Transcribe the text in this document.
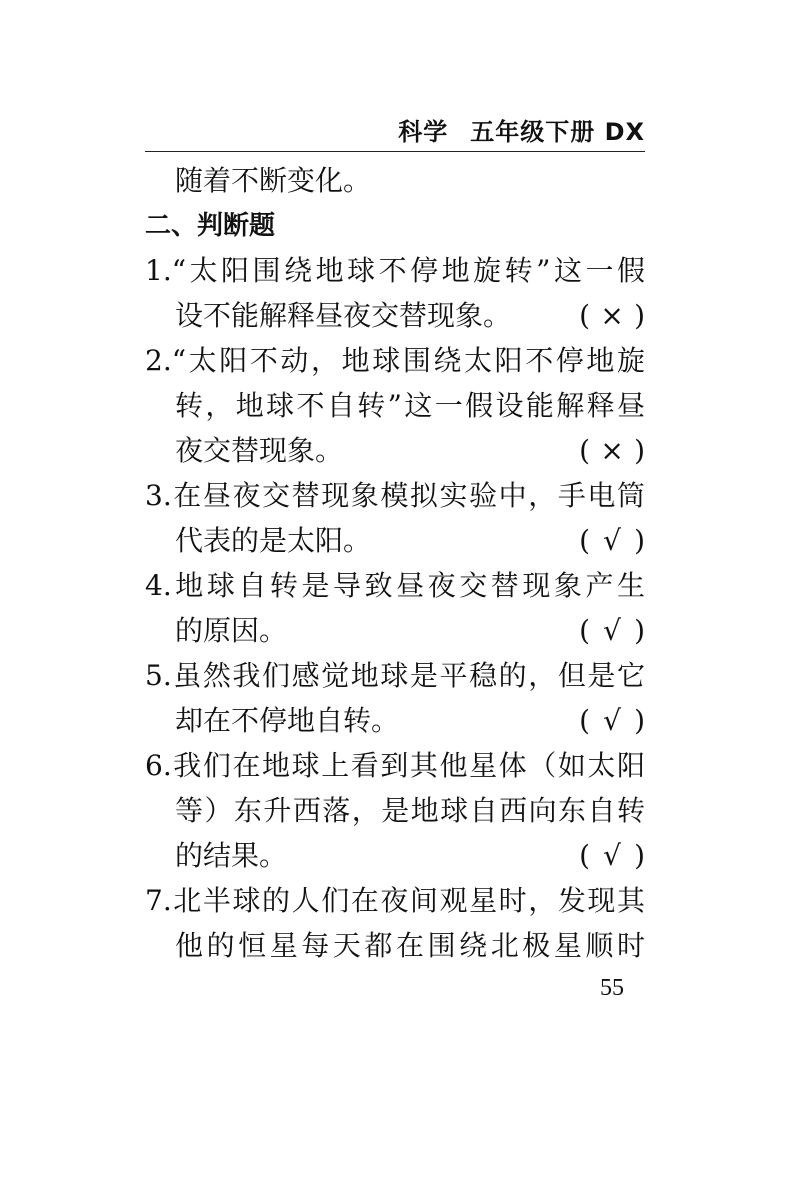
科学 五年级下册 DX
随着不断变化。
二、判断题
1.“太阳围绕地球不停地旋转”这一假
设不能解释昼夜交替现象。 ( × )
2.“太阳不动，地球围绕太阳不停地旋
转，地球不自转”这一假设能解释昼
夜交替现象。	( × )
3.在昼夜交替现象模拟实验中，手电筒
代表的是太阳。	( √ )
4.地球自转是导致昼夜交替现象产生
的原因。	( √ )
5.虽然我们感觉地球是平稳的，但是它
却在不停地自转。	( √ )
6.我们在地球上看到其他星体（如太阳
等）东升西落，是地球自西向东自转
的结果。	( √ )
7.北半球的人们在夜间观星时，发现其
他的恒星每天都在围绕北极星顺时
55
